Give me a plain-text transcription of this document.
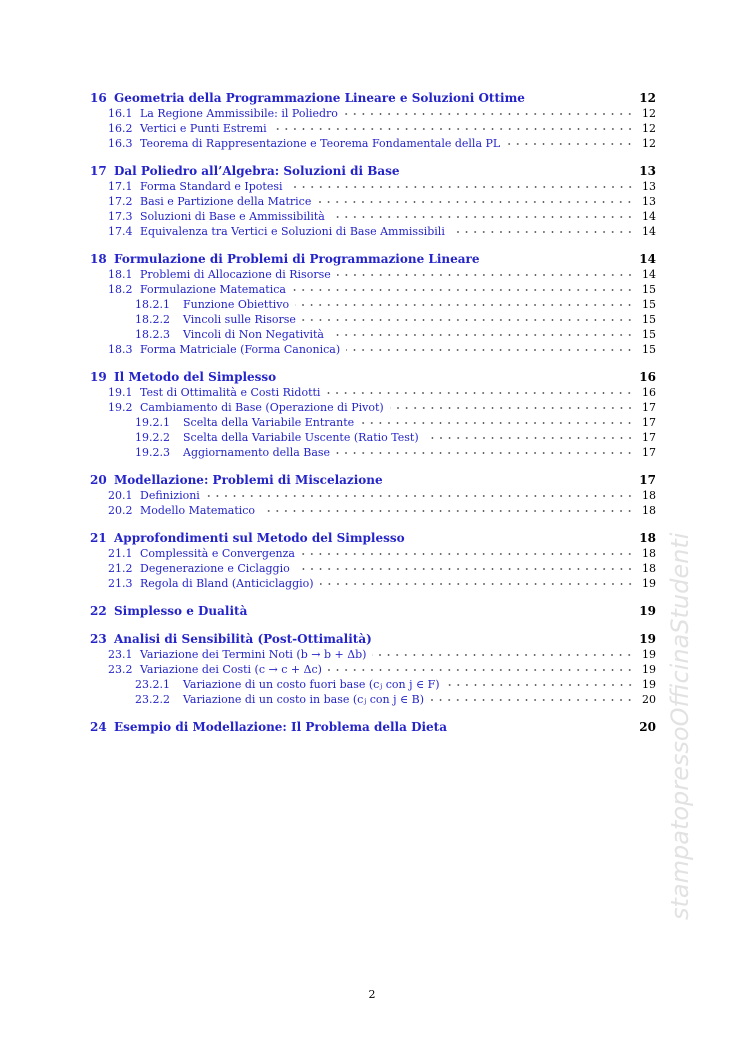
16 Geometria della Programmazione Lineare e Soluzioni Ottime	12
16.1 La Regione Ammissibile: il Poliedro	12
16.2 Vertici e Punti Estremi	12
16.3 Teorema di Rappresentazione e Teorema Fondamentale della PL	12
17 Dal Poliedro all’Algebra: Soluzioni di Base	13
17.1 Forma Standard e Ipotesi	13
17.2 Basi e Partizione della Matrice	13
17.3 Soluzioni di Base e Ammissibilità	14
17.4 Equivalenza tra Vertici e Soluzioni di Base Ammissibili	14
18 Formulazione di Problemi di Programmazione Lineare	14
18.1 Problemi di Allocazione di Risorse	14
18.2 Formulazione Matematica	15
18.2.1	Funzione Obiettivo	15
18.2.2	Vincoli sulle Risorse	15
18.2.3	Vincoli di Non Negatività	15
18.3 Forma Matriciale (Forma Canonica)	15
19 Il Metodo del Simplesso	16
19.1 Test di Ottimalità e Costi Ridotti	16
19.2 Cambiamento di Base (Operazione di Pivot)	17
19.2.1	Scelta della Variabile Entrante	17
19.2.2	Scelta della Variabile Uscente (Ratio Test)	17
19.2.3	Aggiornamento della Base	17
20 Modellazione: Problemi di Miscelazione	17
20.1 Definizioni	18
20.2 Modello Matematico	18
21 Approfondimenti sul Metodo del Simplesso	18
21.1 Complessità e Convergenza	18
21.2 Degenerazione e Ciclaggio	18
21.3 Regola di Bland (Anticiclaggio)	19
22 Simplesso e Dualità	19
23 Analisi di Sensibilità (Post-Ottimalità)	19
23.1 Variazione dei Termini Noti (b → b + Δb)	19
23.2 Variazione dei Costi (c → c + Δc)	19
23.2.1	Variazione di un costo fuori base (cⱼ con j ∈ F)	19
23.2.2	Variazione di un costo in base (cⱼ con j ∈ B)	20
24 Esempio di Modellazione: Il Problema della Dieta	20
2
stampatopressoOfficinaStudenti
